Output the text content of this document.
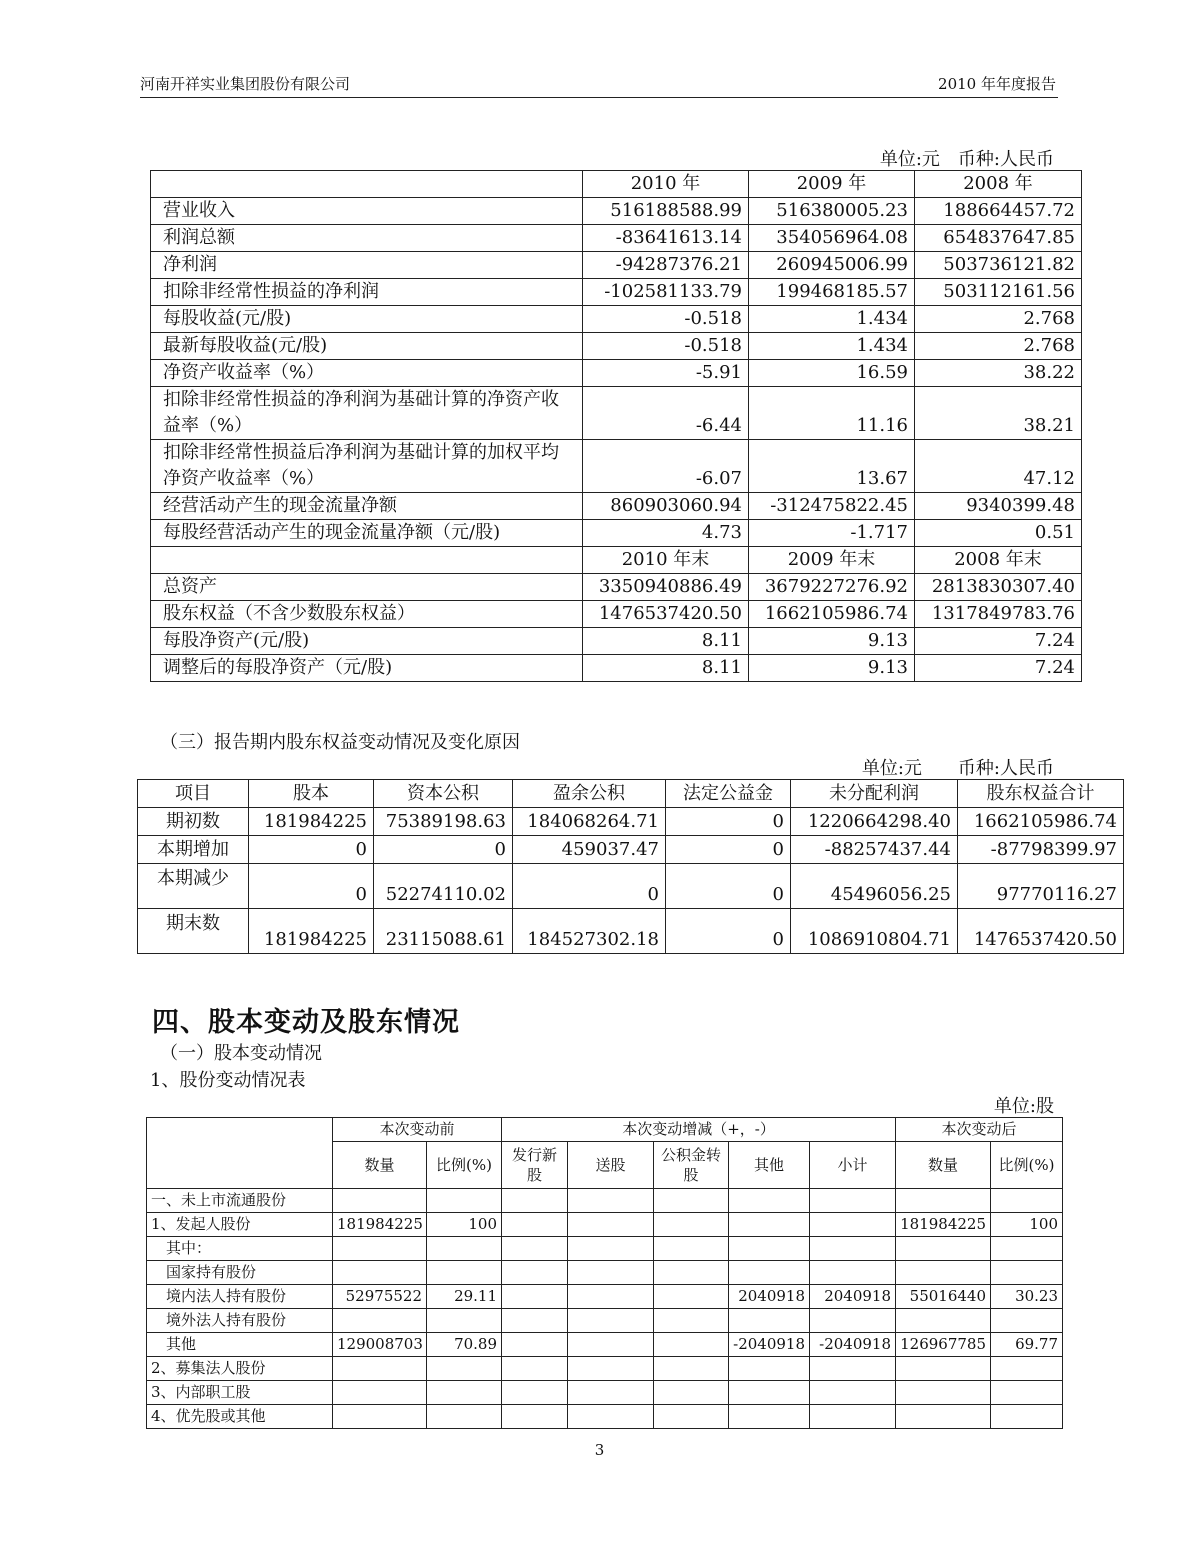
河南开祥实业集团股份有限公司	2010 年年度报告
单位:元　币种:人民币
	2010 年	2009 年	2008 年
营业收入	516188588.99	516380005.23	188664457.72
利润总额	-83641613.14	354056964.08	654837647.85
净利润	-94287376.21	260945006.99	503736121.82
扣除非经常性损益的净利润	-102581133.79	199468185.57	503112161.56
每股收益(元/股)	-0.518	1.434	2.768
最新每股收益(元/股)	-0.518	1.434	2.768
净资产收益率（%）	-5.91	16.59	38.22
扣除非经常性损益的净利润为基础计算的净资产收益率（%）	-6.44	11.16	38.21
扣除非经常性损益后净利润为基础计算的加权平均净资产收益率（%）	-6.07	13.67	47.12
经营活动产生的现金流量净额	860903060.94	-312475822.45	9340399.48
每股经营活动产生的现金流量净额（元/股)	4.73	-1.717	0.51
	2010 年末	2009 年末	2008 年末
总资产	3350940886.49	3679227276.92	2813830307.40
股东权益（不含少数股东权益）	1476537420.50	1662105986.74	1317849783.76
每股净资产(元/股)	8.11	9.13	7.24
调整后的每股净资产（元/股)	8.11	9.13	7.24
（三）报告期内股东权益变动情况及变化原因
单位:元　　币种:人民币
项目	股本	资本公积	盈余公积	法定公益金	未分配利润	股东权益合计
期初数	181984225	75389198.63	184068264.71	0	1220664298.40	1662105986.74
本期增加	0	0	459037.47	0	-88257437.44	-87798399.97
本期减少	0	52274110.02	0	0	45496056.25	97770116.27
期末数	181984225	23115088.61	184527302.18	0	1086910804.71	1476537420.50
四、股本变动及股东情况
（一）股本变动情况
1、股份变动情况表
单位:股
	本次变动前		本次变动增减（+，-）					本次变动后	
	数量	比例(%)	发行新股	送股	公积金转股	其他	小计	数量	比例(%)
一、未上市流通股份									
1、发起人股份	181984225	100						181984225	100
　其中：									
　国家持有股份									
　境内法人持有股份	52975522	29.11				2040918	2040918	55016440	30.23
　境外法人持有股份									
　其他	129008703	70.89				-2040918	-2040918	126967785	69.77
2、募集法人股份									
3、内部职工股									
4、优先股或其他									
3
